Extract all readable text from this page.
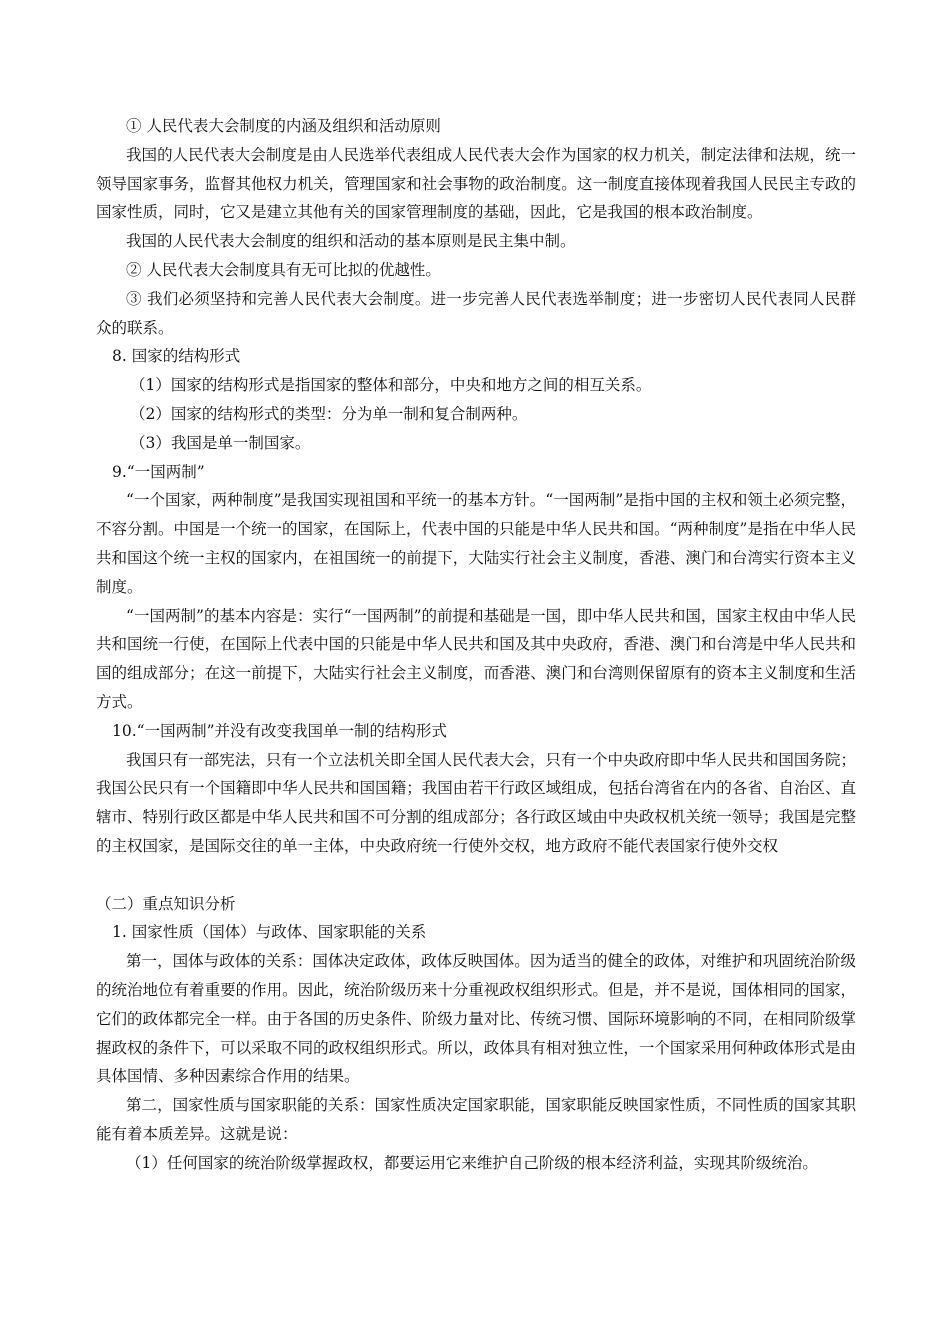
① 人民代表大会制度的内涵及组织和活动原则

我国的人民代表大会制度是由人民选举代表组成人民代表大会作为国家的权力机关，制定法律和法规，统一领导国家事务，监督其他权力机关，管理国家和社会事物的政治制度。这一制度直接体现着我国人民民主专政的国家性质，同时，它又是建立其他有关的国家管理制度的基础，因此，它是我国的根本政治制度。

我国的人民代表大会制度的组织和活动的基本原则是民主集中制。

② 人民代表大会制度具有无可比拟的优越性。

③ 我们必须坚持和完善人民代表大会制度。进一步完善人民代表选举制度；进一步密切人民代表同人民群众的联系。

8. 国家的结构形式

（1）国家的结构形式是指国家的整体和部分，中央和地方之间的相互关系。

（2）国家的结构形式的类型：分为单一制和复合制两种。

（3）我国是单一制国家。

9.“一国两制”

“一个国家，两种制度”是我国实现祖国和平统一的基本方针。“一国两制”是指中国的主权和领土必须完整，不容分割。中国是一个统一的国家，在国际上，代表中国的只能是中华人民共和国。“两种制度”是指在中华人民共和国这个统一主权的国家内，在祖国统一的前提下，大陆实行社会主义制度，香港、澳门和台湾实行资本主义制度。

“一国两制”的基本内容是：实行“一国两制”的前提和基础是一国，即中华人民共和国，国家主权由中华人民共和国统一行使，在国际上代表中国的只能是中华人民共和国及其中央政府，香港、澳门和台湾是中华人民共和国的组成部分；在这一前提下，大陆实行社会主义制度，而香港、澳门和台湾则保留原有的资本主义制度和生活方式。

10.“一国两制”并没有改变我国单一制的结构形式

我国只有一部宪法，只有一个立法机关即全国人民代表大会，只有一个中央政府即中华人民共和国国务院；我国公民只有一个国籍即中华人民共和国国籍；我国由若干行政区域组成，包括台湾省在内的各省、自治区、直辖市、特别行政区都是中华人民共和国不可分割的组成部分；各行政区域由中央政权机关统一领导；我国是完整的主权国家，是国际交往的单一主体，中央政府统一行使外交权，地方政府不能代表国家行使外交权

（二）重点知识分析

1. 国家性质（国体）与政体、国家职能的关系

第一，国体与政体的关系：国体决定政体，政体反映国体。因为适当的健全的政体，对维护和巩固统治阶级的统治地位有着重要的作用。因此，统治阶级历来十分重视政权组织形式。但是，并不是说，国体相同的国家，它们的政体都完全一样。由于各国的历史条件、阶级力量对比、传统习惯、国际环境影响的不同，在相同阶级掌握政权的条件下，可以采取不同的政权组织形式。所以，政体具有相对独立性，一个国家采用何种政体形式是由具体国情、多种因素综合作用的结果。

第二，国家性质与国家职能的关系：国家性质决定国家职能，国家职能反映国家性质，不同性质的国家其职能有着本质差异。这就是说：

（1）任何国家的统治阶级掌握政权，都要运用它来维护自己阶级的根本经济利益，实现其阶级统治。
